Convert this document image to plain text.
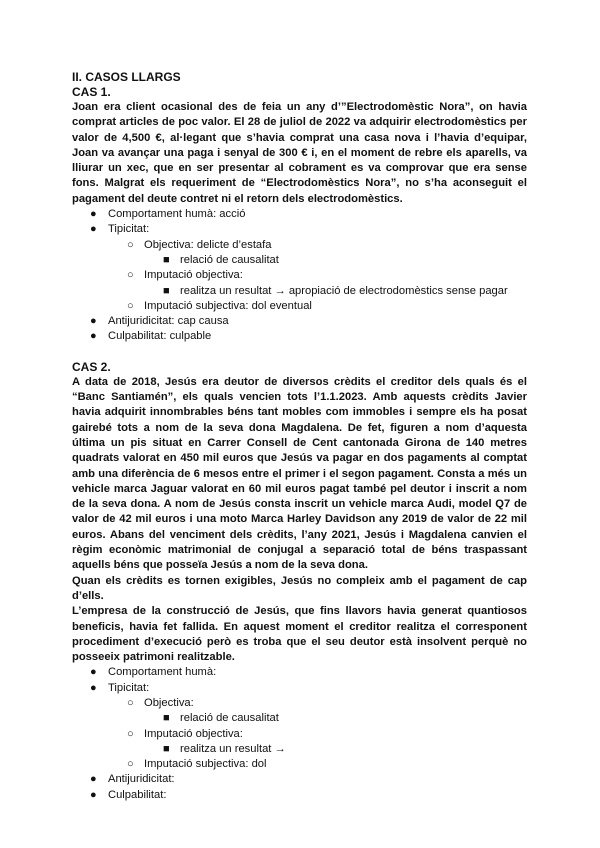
II. CASOS LLARGS

CAS 1.

Joan era client ocasional des de feia un any d’”Electrodomèstic Nora”, on havia comprat articles de poc valor. El 28 de juliol de 2022 va adquirir electrodomèstics per valor de 4,500 €, al·legant que s’havia comprat una casa nova i l’havia d’equipar, Joan va avançar una paga i senyal de 300 € i, en el moment de rebre els aparells, va lliurar un xec, que en ser presentar al cobrament es va comprovar que era sense fons. Malgrat els requeriment de “Electrodomèstics Nora”, no s’ha aconseguit el pagament del deute contret ni el retorn dels electrodomèstics.

● Comportament humà: acció
● Tipicitat:
○ Objectiva: delicte d’estafa
■ relació de causalitat
○ Imputació objectiva:
■ realitza un resultat → apropiació de electrodomèstics sense pagar
○ Imputació subjectiva: dol eventual
● Antijuridicitat: cap causa
● Culpabilitat: culpable

CAS 2.

A data de 2018, Jesús era deutor de diversos crèdits el creditor dels quals és el “Banc Santiamén”, els quals vencien tots l’1.1.2023. Amb aquests crèdits Javier havia adquirit innombrables béns tant mobles com immobles i sempre els ha posat gairebé tots a nom de la seva dona Magdalena. De fet, figuren a nom d’aquesta última un pis situat en Carrer Consell de Cent cantonada Girona de 140 metres quadrats valorat en 450 mil euros que Jesús va pagar en dos pagaments al comptat amb una diferència de 6 mesos entre el primer i el segon pagament. Consta a més un vehicle marca Jaguar valorat en 60 mil euros pagat també pel deutor i inscrit a nom de la seva dona. A nom de Jesús consta inscrit un vehicle marca Audi, model Q7 de valor de 42 mil euros i una moto Marca Harley Davidson any 2019 de valor de 22 mil euros. Abans del venciment dels crèdits, l’any 2021, Jesús i Magdalena canvien el règim econòmic matrimonial de conjugal a separació total de béns traspassant aquells béns que posseïa Jesús a nom de la seva dona.

Quan els crèdits es tornen exigibles, Jesús no compleix amb el pagament de cap d’ells.

L’empresa de la construcció de Jesús, que fins llavors havia generat quantiosos beneficis, havia fet fallida. En aquest moment el creditor realitza el corresponent procediment d’execució però es troba que el seu deutor està insolvent perquè no posseeix patrimoni realitzable.

● Comportament humà:
● Tipicitat:
○ Objectiva:
■ relació de causalitat
○ Imputació objectiva:
■ realitza un resultat →
○ Imputació subjectiva: dol
● Antijuridicitat:
● Culpabilitat:
